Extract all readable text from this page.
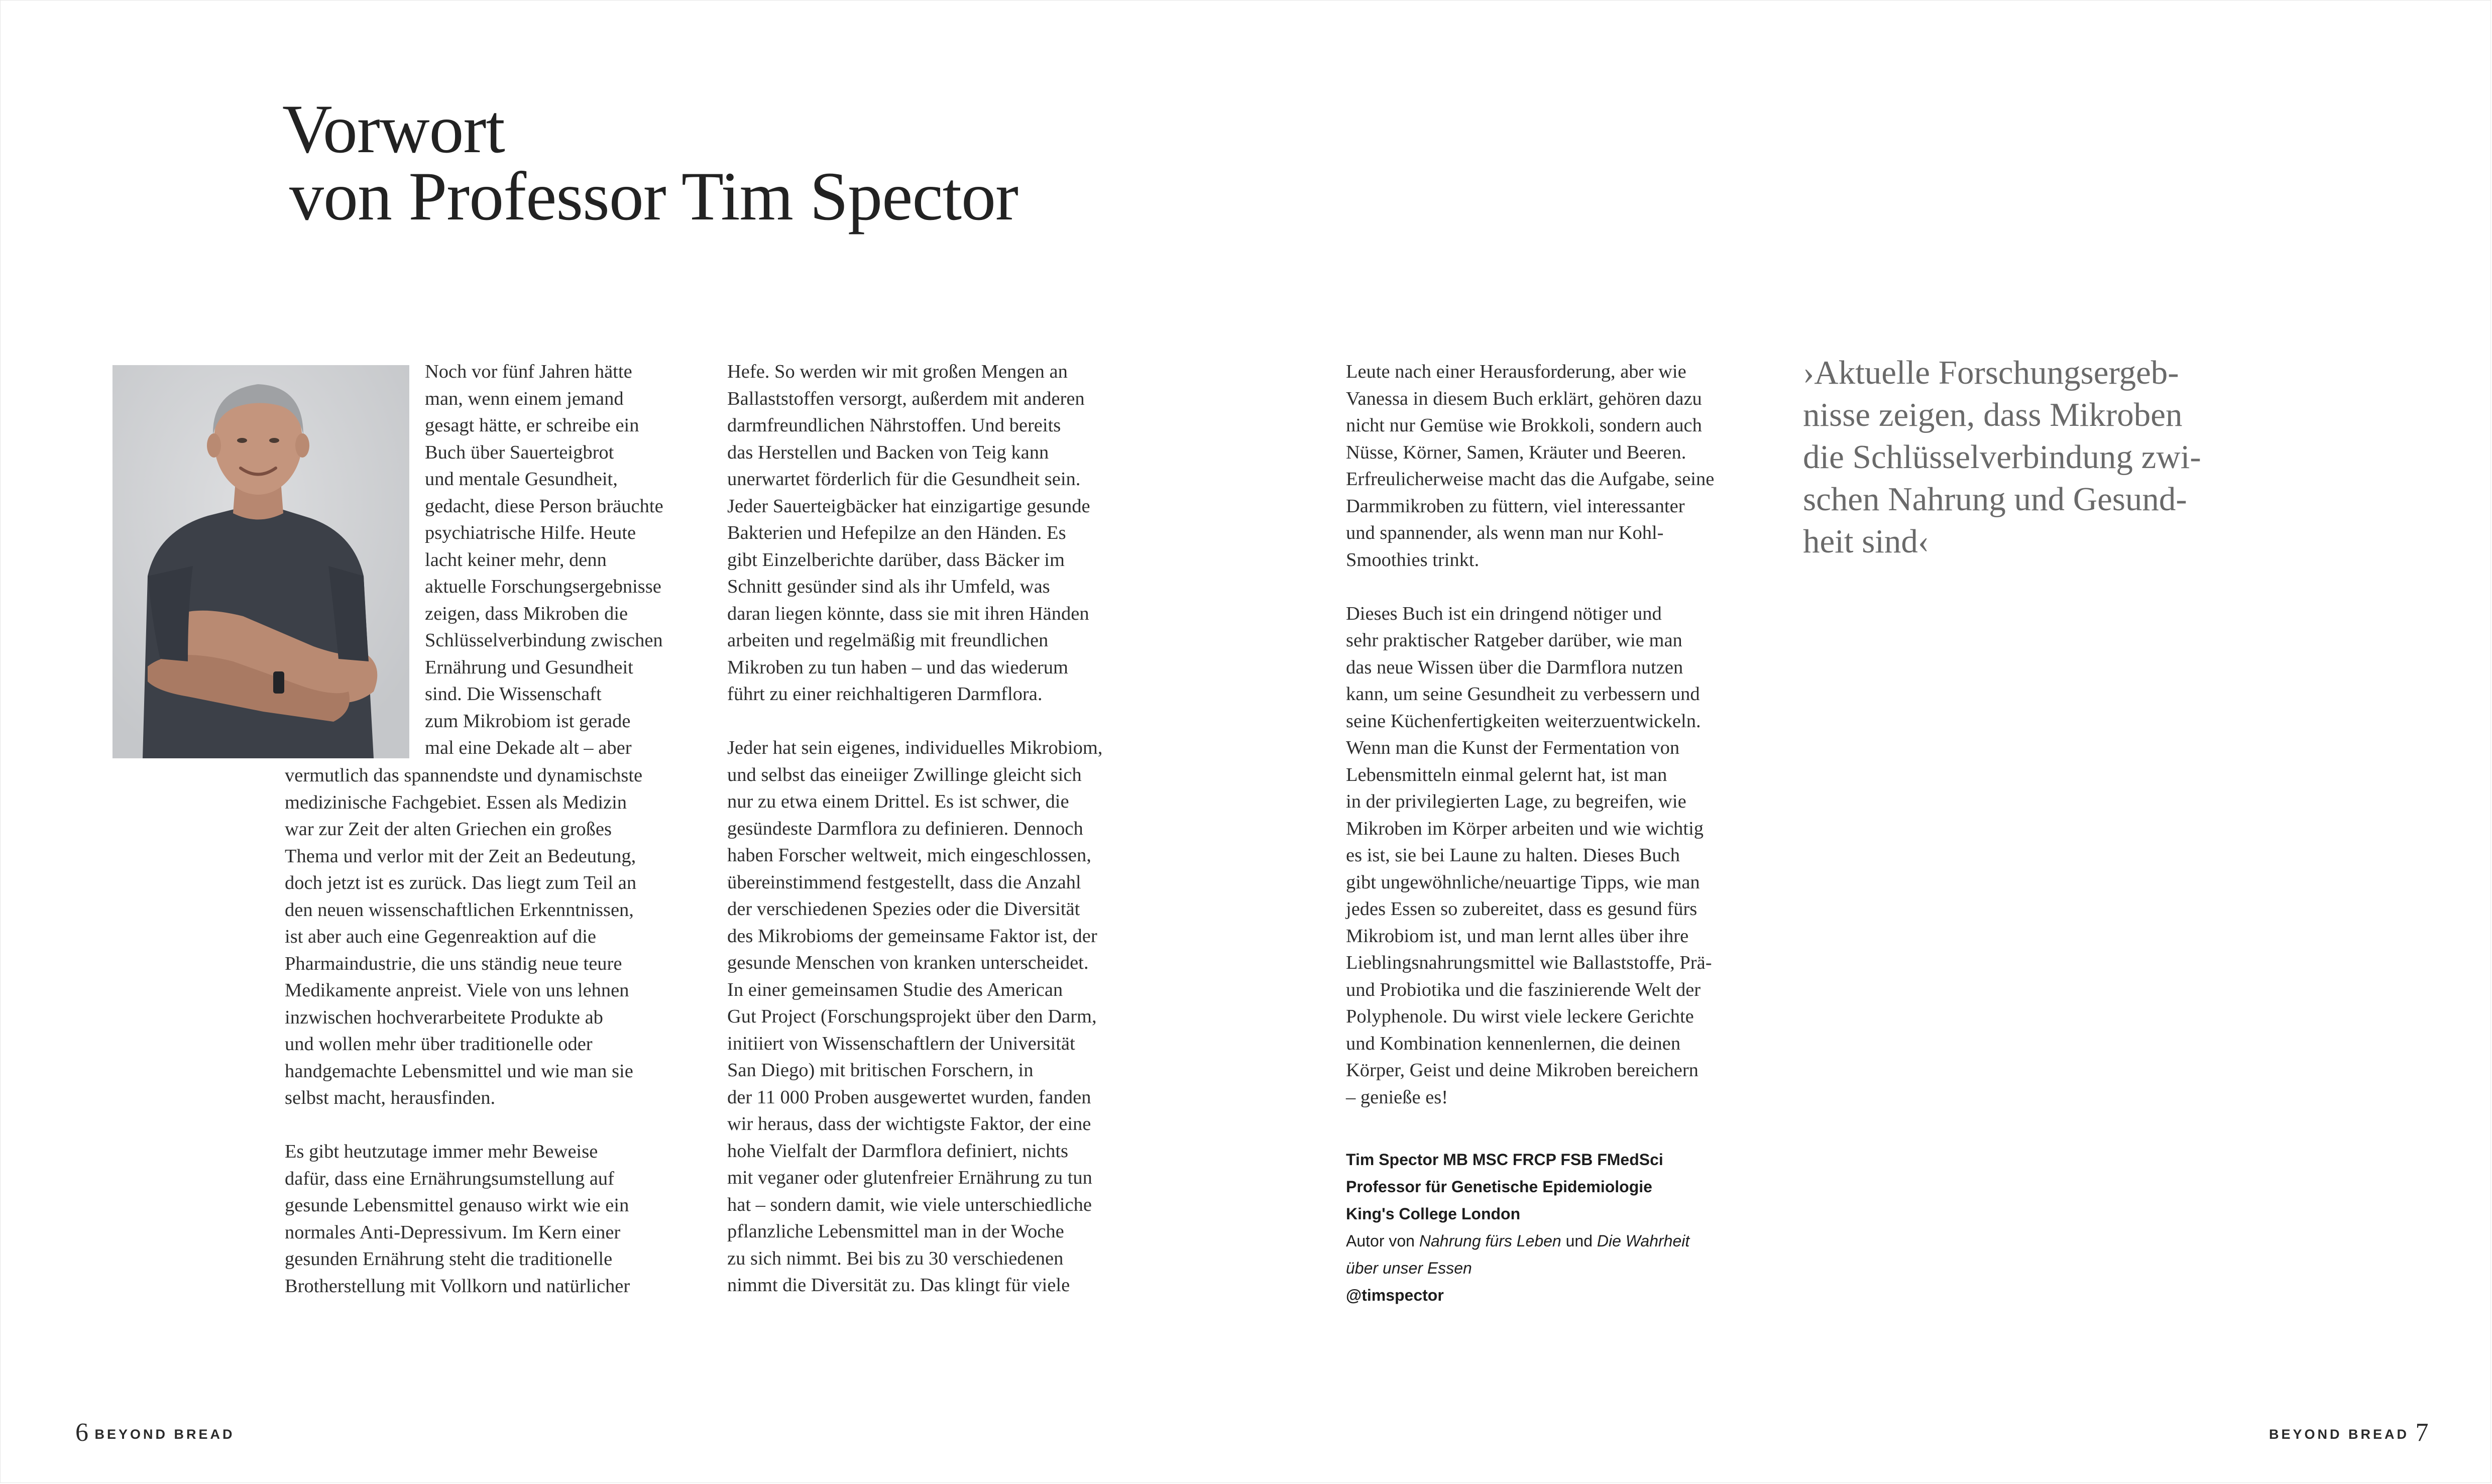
Vorwort
von Professor Tim Spector

Noch vor fünf Jahren hätte
man, wenn einem jemand
gesagt hätte, er schreibe ein
Buch über Sauerteigbrot
und mentale Gesundheit,
gedacht, diese Person bräuchte
psychiatrische Hilfe. Heute
lacht keiner mehr, denn
aktuelle Forschungsergebnisse
zeigen, dass Mikroben die
Schlüsselverbindung zwischen
Ernährung und Gesundheit
sind. Die Wissenschaft
zum Mikrobiom ist gerade
mal eine Dekade alt – aber

vermutlich das spannendste und dynamischste
medizinische Fachgebiet. Essen als Medizin
war zur Zeit der alten Griechen ein großes
Thema und verlor mit der Zeit an Bedeutung,
doch jetzt ist es zurück. Das liegt zum Teil an
den neuen wissenschaftlichen Erkenntnissen,
ist aber auch eine Gegenreaktion auf die
Pharmaindustrie, die uns ständig neue teure
Medikamente anpreist. Viele von uns lehnen
inzwischen hochverarbeitete Produkte ab
und wollen mehr über traditionelle oder
handgemachte Lebensmittel und wie man sie
selbst macht, herausfinden.

Es gibt heutzutage immer mehr Beweise
dafür, dass eine Ernährungsumstellung auf
gesunde Lebensmittel genauso wirkt wie ein
normales Anti-Depressivum. Im Kern einer
gesunden Ernährung steht die traditionelle
Brotherstellung mit Vollkorn und natürlicher

Hefe. So werden wir mit großen Mengen an
Ballaststoffen versorgt, außerdem mit anderen
darmfreundlichen Nährstoffen. Und bereits
das Herstellen und Backen von Teig kann
unerwartet förderlich für die Gesundheit sein.
Jeder Sauerteigbäcker hat einzigartige gesunde
Bakterien und Hefepilze an den Händen. Es
gibt Einzelberichte darüber, dass Bäcker im
Schnitt gesünder sind als ihr Umfeld, was
daran liegen könnte, dass sie mit ihren Händen
arbeiten und regelmäßig mit freundlichen
Mikroben zu tun haben – und das wiederum
führt zu einer reichhaltigeren Darmflora.

Jeder hat sein eigenes, individuelles Mikrobiom,
und selbst das eineiiger Zwillinge gleicht sich
nur zu etwa einem Drittel. Es ist schwer, die
gesündeste Darmflora zu definieren. Dennoch
haben Forscher weltweit, mich eingeschlossen,
übereinstimmend festgestellt, dass die Anzahl
der verschiedenen Spezies oder die Diversität
des Mikrobioms der gemeinsame Faktor ist, der
gesunde Menschen von kranken unterscheidet.
In einer gemeinsamen Studie des American
Gut Project (Forschungsprojekt über den Darm,
initiiert von Wissenschaftlern der Universität
San Diego) mit britischen Forschern, in
der 11 000 Proben ausgewertet wurden, fanden
wir heraus, dass der wichtigste Faktor, der eine
hohe Vielfalt der Darmflora definiert, nichts
mit veganer oder glutenfreier Ernährung zu tun
hat – sondern damit, wie viele unterschiedliche
pflanzliche Lebensmittel man in der Woche
zu sich nimmt. Bei bis zu 30 verschiedenen
nimmt die Diversität zu. Das klingt für viele

Leute nach einer Herausforderung, aber wie
Vanessa in diesem Buch erklärt, gehören dazu
nicht nur Gemüse wie Brokkoli, sondern auch
Nüsse, Körner, Samen, Kräuter und Beeren.
Erfreulicherweise macht das die Aufgabe, seine
Darmmikroben zu füttern, viel interessanter
und spannender, als wenn man nur Kohl-
Smoothies trinkt.

Dieses Buch ist ein dringend nötiger und
sehr praktischer Ratgeber darüber, wie man
das neue Wissen über die Darmflora nutzen
kann, um seine Gesundheit zu verbessern und
seine Küchenfertigkeiten weiterzuentwickeln.
Wenn man die Kunst der Fermentation von
Lebensmitteln einmal gelernt hat, ist man
in der privilegierten Lage, zu begreifen, wie
Mikroben im Körper arbeiten und wie wichtig
es ist, sie bei Laune zu halten. Dieses Buch
gibt ungewöhnliche/neuartige Tipps, wie man
jedes Essen so zubereitet, dass es gesund fürs
Mikrobiom ist, und man lernt alles über ihre
Lieblingsnahrungsmittel wie Ballaststoffe, Prä-
und Probiotika und die faszinierende Welt der
Polyphenole. Du wirst viele leckere Gerichte
und Kombination kennenlernen, die deinen
Körper, Geist und deine Mikroben bereichern
– genieße es!

Tim Spector MB MSC FRCP FSB FMedSci
Professor für Genetische Epidemiologie
King's College London
Autor von Nahrung fürs Leben und Die Wahrheit
über unser Essen
@timspector
›Aktuelle Forschungsergeb-
nisse zeigen, dass Mikroben
die Schlüsselverbindung zwi-
schen Nahrung und Gesund-
heit sind‹
6 BEYOND BREAD	BEYOND BREAD 7
